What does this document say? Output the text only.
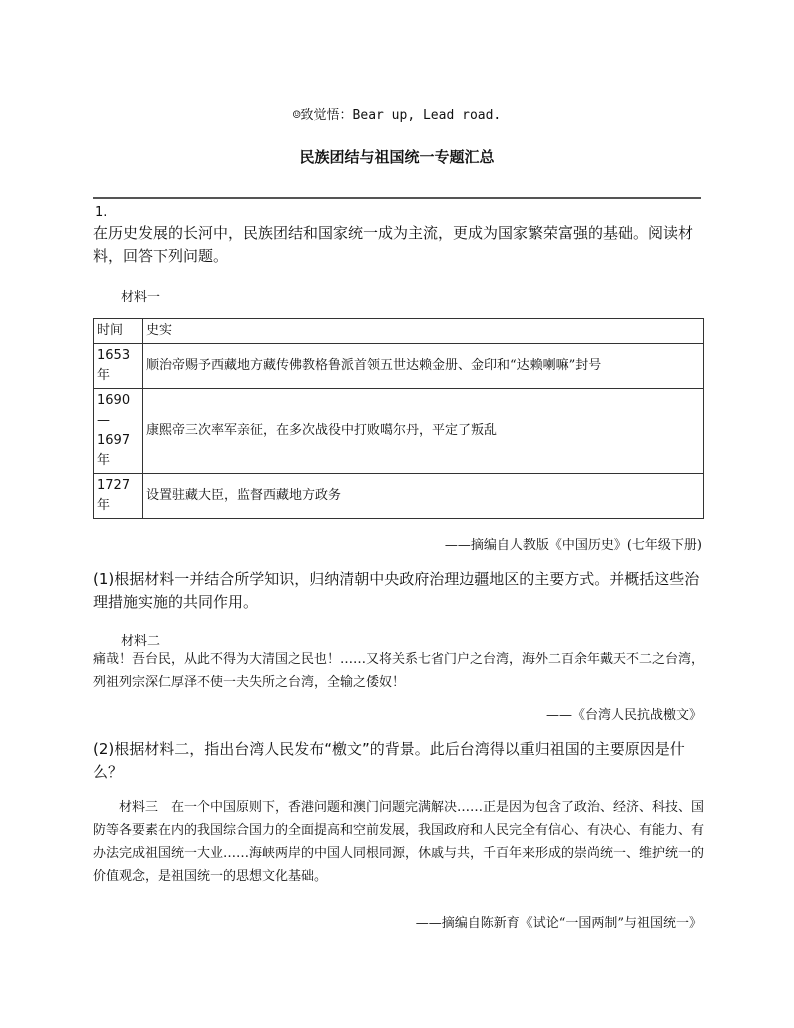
☺致觉悟：Bear up, Lead road.
民族团结与祖国统一专题汇总
1.
在历史发展的长河中，民族团结和国家统一成为主流，更成为国家繁荣富强的基础。阅读材料，回答下列问题。
材料一
时间	史实
1653年	顺治帝赐予西藏地方藏传佛教格鲁派首领五世达赖金册、金印和“达赖喇嘛”封号
1690—1697年	康熙帝三次率军亲征，在多次战役中打败噶尔丹，平定了叛乱
1727年	设置驻藏大臣，监督西藏地方政务
——摘编自人教版《中国历史》(七年级下册)
(1)根据材料一并结合所学知识，归纳清朝中央政府治理边疆地区的主要方式。并概括这些治理措施实施的共同作用。
材料二
痛哉！吾台民，从此不得为大清国之民也！……又将关系七省门户之台湾，海外二百余年戴天不二之台湾，列祖列宗深仁厚泽不使一夫失所之台湾，全输之倭奴！
——《台湾人民抗战檄文》
(2)根据材料二，指出台湾人民发布“檄文”的背景。此后台湾得以重归祖国的主要原因是什么？
材料三　在一个中国原则下，香港问题和澳门问题完满解决……正是因为包含了政治、经济、科技、国防等各要素在内的我国综合国力的全面提高和空前发展，我国政府和人民完全有信心、有决心、有能力、有办法完成祖国统一大业……海峡两岸的中国人同根同源，休戚与共，千百年来形成的崇尚统一、维护统一的价值观念，是祖国统一的思想文化基础。
——摘编自陈新育《试论“一国两制”与祖国统一》
